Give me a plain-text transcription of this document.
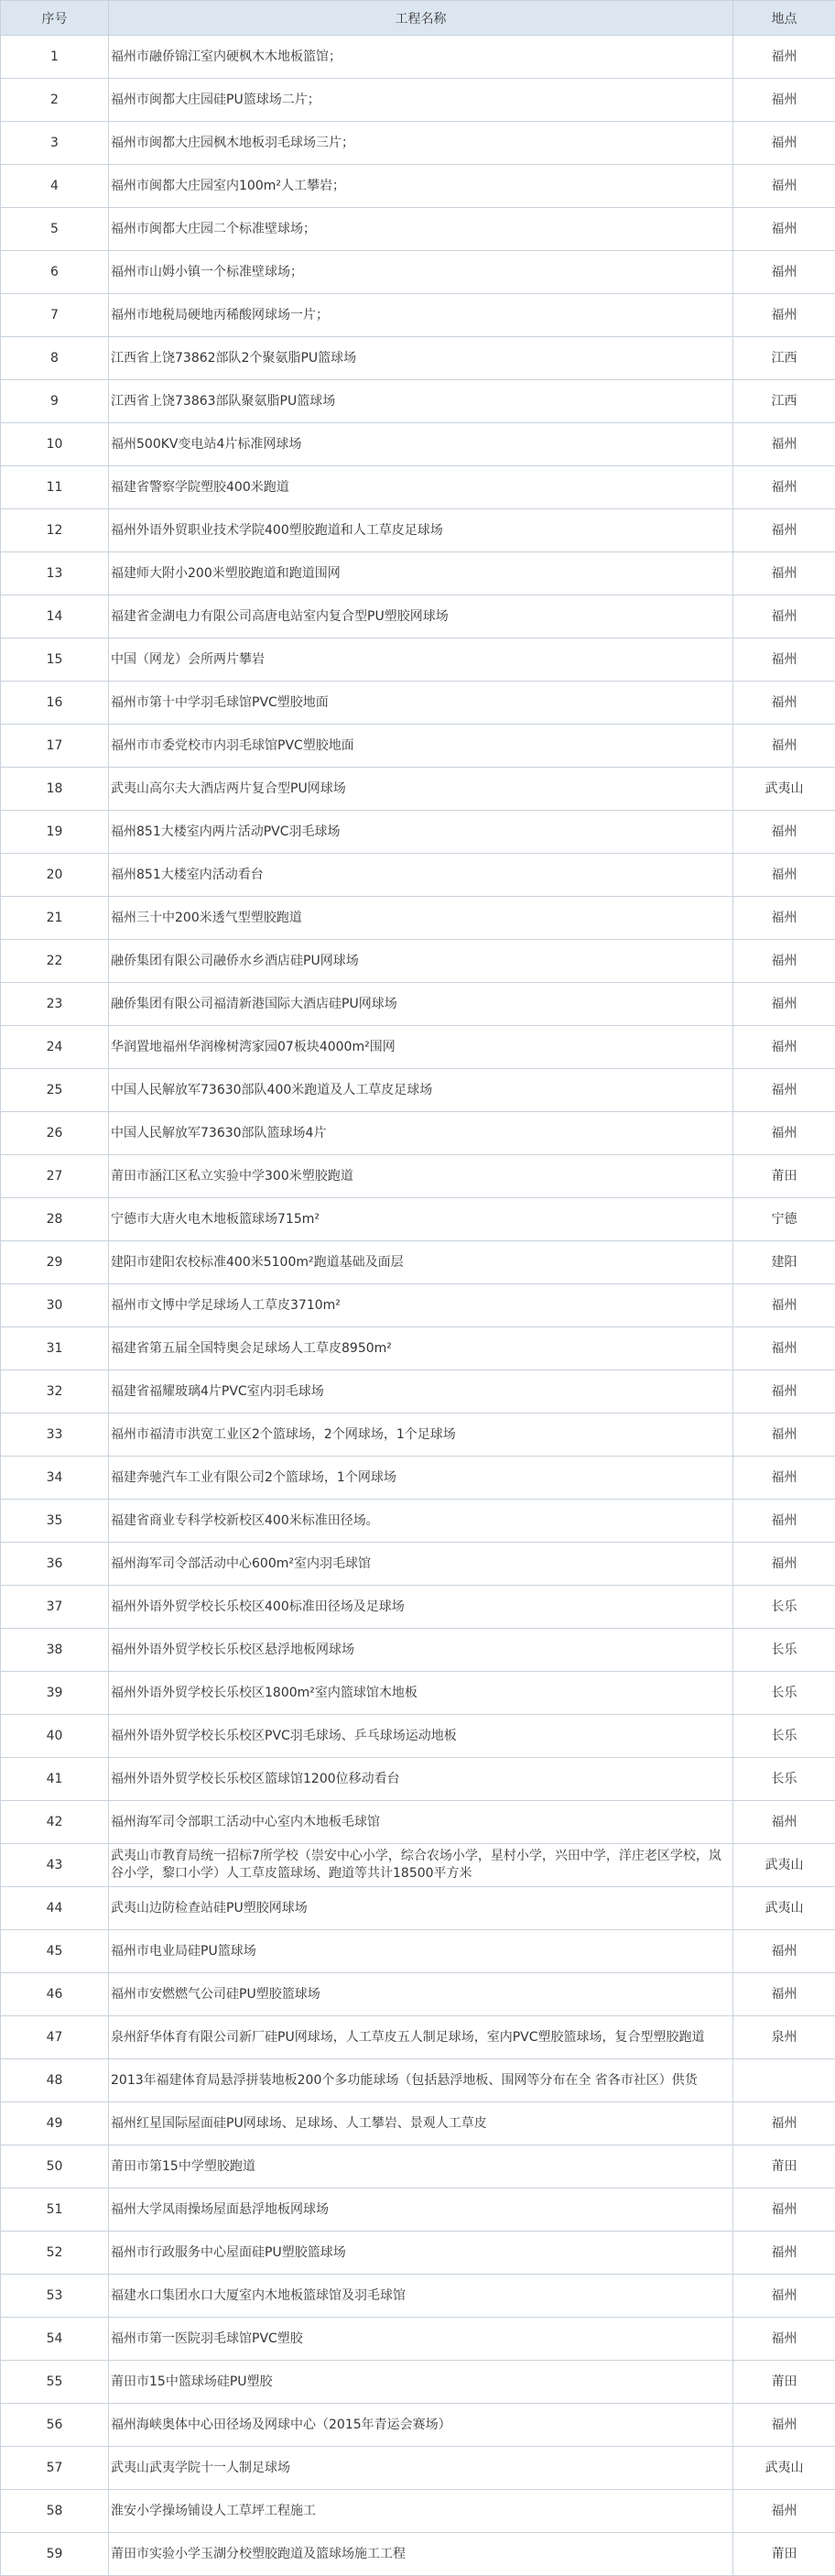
序号	工程名称	地点
1	福州市融侨锦江室内硬枫木木地板篮馆；	福州
2	福州市闽都大庄园硅PU篮球场二片；	福州
3	福州市闽都大庄园枫木地板羽毛球场三片；	福州
4	福州市闽都大庄园室内100m²人工攀岩；	福州
5	福州市闽都大庄园二个标准壁球场；	福州
6	福州市山姆小镇一个标准壁球场；	福州
7	福州市地税局硬地丙稀酸网球场一片；	福州
8	江西省上饶73862部队2个聚氨脂PU篮球场	江西
9	江西省上饶73863部队聚氨脂PU篮球场	江西
10	福州500KV变电站4片标准网球场	福州
11	福建省警察学院塑胶400米跑道	福州
12	福州外语外贸职业技术学院400塑胶跑道和人工草皮足球场	福州
13	福建师大附小200米塑胶跑道和跑道围网	福州
14	福建省金湖电力有限公司高唐电站室内复合型PU塑胶网球场	福州
15	中国（网龙）会所两片攀岩	福州
16	福州市第十中学羽毛球馆PVC塑胶地面	福州
17	福州市市委党校市内羽毛球馆PVC塑胶地面	福州
18	武夷山高尔夫大酒店两片复合型PU网球场	武夷山
19	福州851大楼室内两片活动PVC羽毛球场	福州
20	福州851大楼室内活动看台	福州
21	福州三十中200米透气型塑胶跑道	福州
22	融侨集团有限公司融侨水乡酒店硅PU网球场	福州
23	融侨集团有限公司福清新港国际大酒店硅PU网球场	福州
24	华润置地福州华润橡树湾家园07板块4000m²围网	福州
25	中国人民解放军73630部队400米跑道及人工草皮足球场	福州
26	中国人民解放军73630部队篮球场4片	福州
27	莆田市涵江区私立实验中学300米塑胶跑道	莆田
28	宁德市大唐火电木地板篮球场715m²	宁德
29	建阳市建阳农校标准400米5100m²跑道基础及面层	建阳
30	福州市文博中学足球场人工草皮3710m²	福州
31	福建省第五届全国特奥会足球场人工草皮8950m²	福州
32	福建省福耀玻璃4片PVC室内羽毛球场	福州
33	福州市福清市洪宽工业区2个篮球场，2个网球场，1个足球场	福州
34	福建奔驰汽车工业有限公司2个篮球场，1个网球场	福州
35	福建省商业专科学校新校区400米标准田径场。	福州
36	福州海军司令部活动中心600m²室内羽毛球馆	福州
37	福州外语外贸学校长乐校区400标准田径场及足球场	长乐
38	福州外语外贸学校长乐校区悬浮地板网球场	长乐
39	福州外语外贸学校长乐校区1800m²室内篮球馆木地板	长乐
40	福州外语外贸学校长乐校区PVC羽毛球场、乒乓球场运动地板	长乐
41	福州外语外贸学校长乐校区篮球馆1200位移动看台	长乐
42	福州海军司令部职工活动中心室内木地板毛球馆	福州
43	武夷山市教育局统一招标7所学校（崇安中心小学，综合农场小学，星村小学，兴田中学，洋庄老区学校，岚谷小学，黎口小学）人工草皮篮球场、跑道等共计18500平方米	武夷山
44	武夷山边防检查站硅PU塑胶网球场	武夷山
45	福州市电业局硅PU篮球场	福州
46	福州市安燃燃气公司硅PU塑胶篮球场	福州
47	泉州舒华体育有限公司新厂硅PU网球场，人工草皮五人制足球场，室内PVC塑胶篮球场，复合型塑胶跑道	泉州
48	2013年福建体育局悬浮拼装地板200个多功能球场（包括悬浮地板、围网等分布在全 省各市社区）供货	
49	福州红星国际屋面硅PU网球场、足球场、人工攀岩、景观人工草皮	福州
50	莆田市第15中学塑胶跑道	莆田
51	福州大学凤雨操场屋面悬浮地板网球场	福州
52	福州市行政服务中心屋面硅PU塑胶篮球场	福州
53	福建水口集团水口大厦室内木地板篮球馆及羽毛球馆	福州
54	福州市第一医院羽毛球馆PVC塑胶	福州
55	莆田市15中篮球场硅PU塑胶	莆田
56	福州海峡奥体中心田径场及网球中心（2015年青运会赛场）	福州
57	武夷山武夷学院十一人制足球场	武夷山
58	淮安小学操场铺设人工草坪工程施工	福州
59	莆田市实验小学玉湖分校塑胶跑道及篮球场施工工程	莆田
